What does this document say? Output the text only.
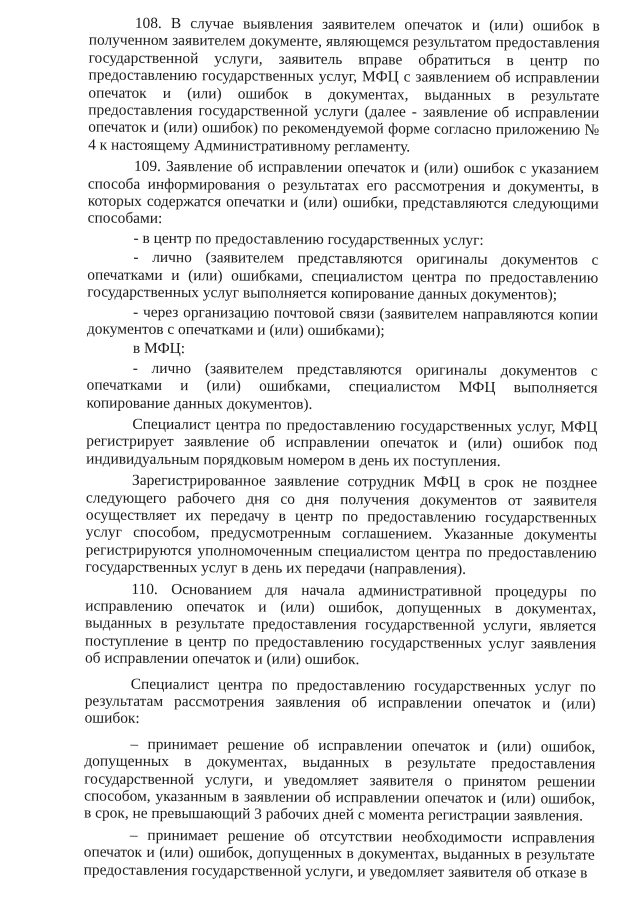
108. В случае выявления заявителем опечаток и (или) ошибок в полученном заявителем документе, являющемся результатом предоставления государственной услуги, заявитель вправе обратиться в центр по предоставлению государственных услуг, МФЦ с заявлением об исправлении опечаток и (или) ошибок в документах, выданных в результате предоставления государственной услуги (далее - заявление об исправлении опечаток и (или) ошибок) по рекомендуемой форме согласно приложению № 4 к настоящему Административному регламенту.

109. Заявление об исправлении опечаток и (или) ошибок с указанием способа информирования о результатах его рассмотрения и документы, в которых содержатся опечатки и (или) ошибки, представляются следующими способами:

- в центр по предоставлению государственных услуг:

- лично (заявителем представляются оригиналы документов с опечатками и (или) ошибками, специалистом центра по предоставлению государственных услуг выполняется копирование данных документов);

- через организацию почтовой связи (заявителем направляются копии документов с опечатками и (или) ошибками);

в МФЦ:

- лично (заявителем представляются оригиналы документов с опечатками и (или) ошибками, специалистом МФЦ выполняется копирование данных документов).

Специалист центра по предоставлению государственных услуг, МФЦ регистрирует заявление об исправлении опечаток и (или) ошибок под индивидуальным порядковым номером в день их поступления.

Зарегистрированное заявление сотрудник МФЦ в срок не позднее следующего рабочего дня со дня получения документов от заявителя осуществляет их передачу в центр по предоставлению государственных услуг способом, предусмотренным соглашением. Указанные документы регистрируются уполномоченным специалистом центра по предоставлению государственных услуг в день их передачи (направления).

110. Основанием для начала административной процедуры по исправлению опечаток и (или) ошибок, допущенных в документах, выданных в результате предоставления государственной услуги, является поступление в центр по предоставлению государственных услуг заявления об исправлении опечаток и (или) ошибок.

Специалист центра по предоставлению государственных услуг по результатам рассмотрения заявления об исправлении опечаток и (или) ошибок:

– принимает решение об исправлении опечаток и (или) ошибок, допущенных в документах, выданных в результате предоставления государственной услуги, и уведомляет заявителя о принятом решении способом, указанным в заявлении об исправлении опечаток и (или) ошибок, в срок, не превышающий 3 рабочих дней с момента регистрации заявления.

– принимает решение об отсутствии необходимости исправления опечаток и (или) ошибок, допущенных в документах, выданных в результате предоставления государственной услуги, и уведомляет заявителя об отказе в
